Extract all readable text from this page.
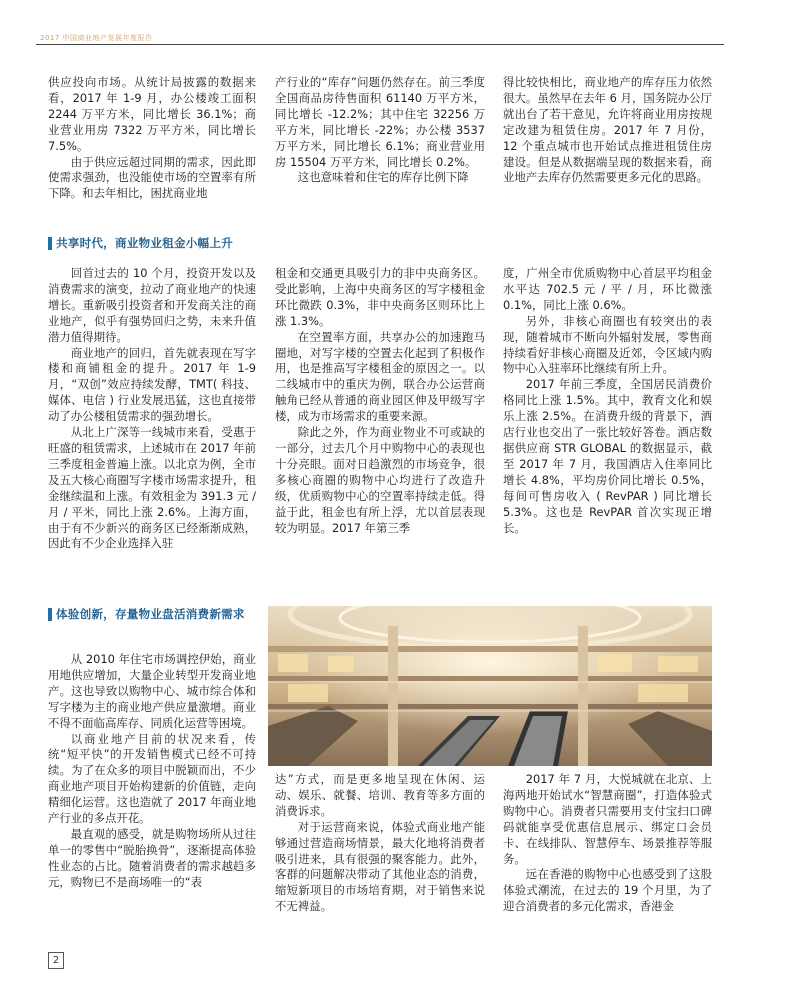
2017 中国商业地产发展年度报告

供应投向市场。从统计局披露的数据来看，2017 年 1-9 月，办公楼竣工面积 2244 万平方米，同比增长 36.1%；商业营业用房 7322 万平方米，同比增长 7.5%。

由于供应远超过同期的需求，因此即使需求强劲，也没能使市场的空置率有所下降。和去年相比，困扰商业地

产行业的“库存”问题仍然存在。前三季度全国商品房待售面积 61140 万平方米，同比增长 -12.2%；其中住宅 32256 万平方米，同比增长 -22%；办公楼 3537 万平方米，同比增长 6.1%；商业营业用房 15504 万平方米，同比增长 0.2%。

这也意味着和住宅的库存比例下降

得比较快相比，商业地产的库存压力依然很大。虽然早在去年 6 月，国务院办公厅就出台了若干意见，允许将商业用房按规定改建为租赁住房。2017 年 7 月份，12 个重点城市也开始试点推进租赁住房建设。但是从数据端呈现的数据来看，商业地产去库存仍然需要更多元化的思路。

共享时代，商业物业租金小幅上升

回首过去的 10 个月，投资开发以及消费需求的演变，拉动了商业地产的快速增长。重新吸引投资者和开发商关注的商业地产，似乎有强势回归之势，未来升值潜力值得期待。

商业地产的回归，首先就表现在写字楼和商铺租金的提升。2017 年 1-9 月，“双创”效应持续发酵，TMT( 科技、媒体、电信 ) 行业发展迅猛，这也直接带动了办公楼租赁需求的强劲增长。

从北上广深等一线城市来看，受惠于旺盛的租赁需求，上述城市在 2017 年前三季度租金普遍上涨。以北京为例，全市及五大核心商圈写字楼市场需求提升，租金继续温和上涨。有效租金为 391.3 元 / 月 / 平米，同比上涨 2.6%。上海方面，由于有不少新兴的商务区已经渐渐成熟，因此有不少企业选择入驻

租金和交通更具吸引力的非中央商务区。受此影响，上海中央商务区的写字楼租金环比微跌 0.3%，非中央商务区则环比上涨 1.3%。

在空置率方面，共享办公的加速跑马圈地，对写字楼的空置去化起到了积极作用，也是推高写字楼租金的原因之一。以二线城市中的重庆为例，联合办公运营商触角已经从普通的商业园区伸及甲级写字楼，成为市场需求的重要来源。

除此之外，作为商业物业不可或缺的一部分，过去几个月中购物中心的表现也十分亮眼。面对日趋激烈的市场竞争，很多核心商圈的购物中心均进行了改造升级，优质购物中心的空置率持续走低。得益于此，租金也有所上浮，尤以首层表现较为明显。2017 年第三季

度，广州全市优质购物中心首层平均租金水平达 702.5 元 / 平 / 月，环比微涨 0.1%，同比上涨 0.6%。

另外，非核心商圈也有较突出的表现，随着城市不断向外辐射发展，零售商持续看好非核心商圈及近郊，令区域内购物中心入驻率环比继续有所上升。

2017 年前三季度，全国居民消费价格同比上涨 1.5%。其中，教育文化和娱乐上涨 2.5%。在消费升级的背景下，酒店行业也交出了一张比较好答卷。酒店数据供应商 STR GLOBAL 的数据显示，截至 2017 年 7 月，我国酒店入住率同比增长 4.8%，平均房价同比增长 0.5%，每间可售房收入 ( RevPAR ) 同比增长 5.3%。这也是 RevPAR 首次实现正增长。

体验创新，存量物业盘活消费新需求

从 2010 年住宅市场调控伊始，商业用地供应增加，大量企业转型开发商业地产。这也导致以购物中心、城市综合体和写字楼为主的商业地产供应量激增。商业不得不面临高库存、同质化运营等困境。

以商业地产目前的状况来看，传统“短平快”的开发销售模式已经不可持续。为了在众多的项目中脱颖而出，不少商业地产项目开始构建新的价值链，走向精细化运营。这也造就了 2017 年商业地产行业的多点开花。

最直观的感受，就是购物场所从过往单一的零售中“脱胎换骨”，逐渐提高体验性业态的占比。随着消费者的需求越趋多元，购物已不是商场唯一的“表

达”方式，而是更多地呈现在休闲、运动、娱乐、就餐、培训、教育等多方面的消费诉求。

对于运营商来说，体验式商业地产能够通过营造商场情景，最大化地将消费者吸引进来，具有很强的聚客能力。此外，客群的问题解决带动了其他业态的消费，缩短新项目的市场培育期，对于销售来说不无裨益。

2017 年 7 月，大悦城就在北京、上海两地开始试水“智慧商圈”，打造体验式购物中心。消费者只需要用支付宝扫口碑码就能享受优惠信息展示、绑定口会员卡、在线排队、智慧停车、场景推荐等服务。

远在香港的购物中心也感受到了这股体验式潮流，在过去的 19 个月里，为了迎合消费者的多元化需求，香港金

2
